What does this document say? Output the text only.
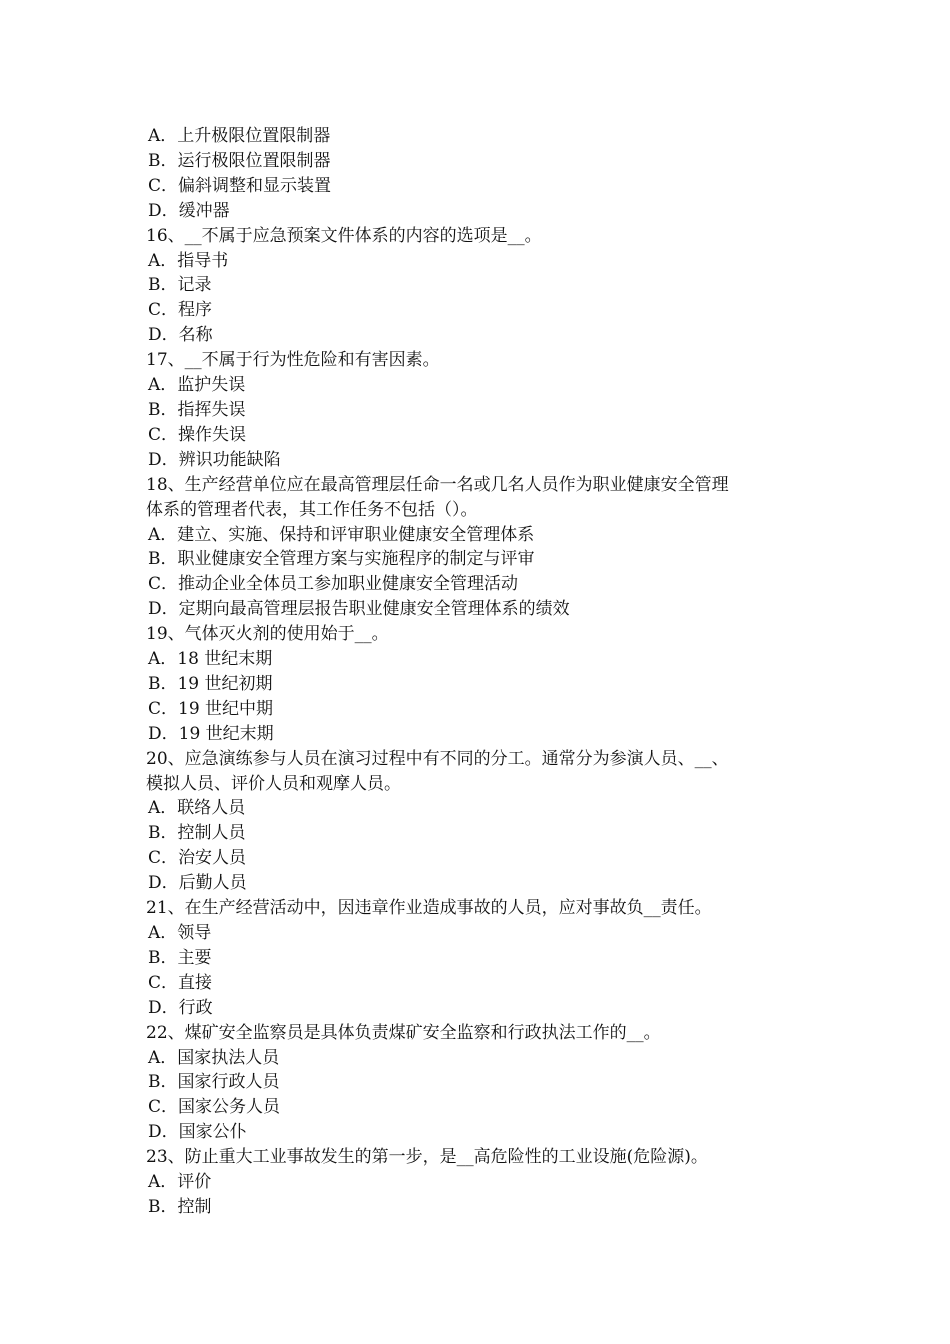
A．上升极限位置限制器
B．运行极限位置限制器
C．偏斜调整和显示装置
D．缓冲器
16、__不属于应急预案文件体系的内容的选项是__。
A．指导书
B．记录
C．程序
D．名称
17、__不属于行为性危险和有害因素。
A．监护失误
B．指挥失误
C．操作失误
D．辨识功能缺陷
18、生产经营单位应在最高管理层任命一名或几名人员作为职业健康安全管理
体系的管理者代表，其工作任务不包括（）。
A．建立、实施、保持和评审职业健康安全管理体系
B．职业健康安全管理方案与实施程序的制定与评审
C．推动企业全体员工参加职业健康安全管理活动
D．定期向最高管理层报告职业健康安全管理体系的绩效
19、气体灭火剂的使用始于__。
A．18 世纪末期
B．19 世纪初期
C．19 世纪中期
D．19 世纪末期
20、应急演练参与人员在演习过程中有不同的分工。通常分为参演人员、__、
模拟人员、评价人员和观摩人员。
A．联络人员
B．控制人员
C．治安人员
D．后勤人员
21、在生产经营活动中，因违章作业造成事故的人员，应对事故负__责任。
A．领导
B．主要
C．直接
D．行政
22、煤矿安全监察员是具体负责煤矿安全监察和行政执法工作的__。
A．国家执法人员
B．国家行政人员
C．国家公务人员
D．国家公仆
23、防止重大工业事故发生的第一步，是__高危险性的工业设施(危险源)。
A．评价
B．控制
